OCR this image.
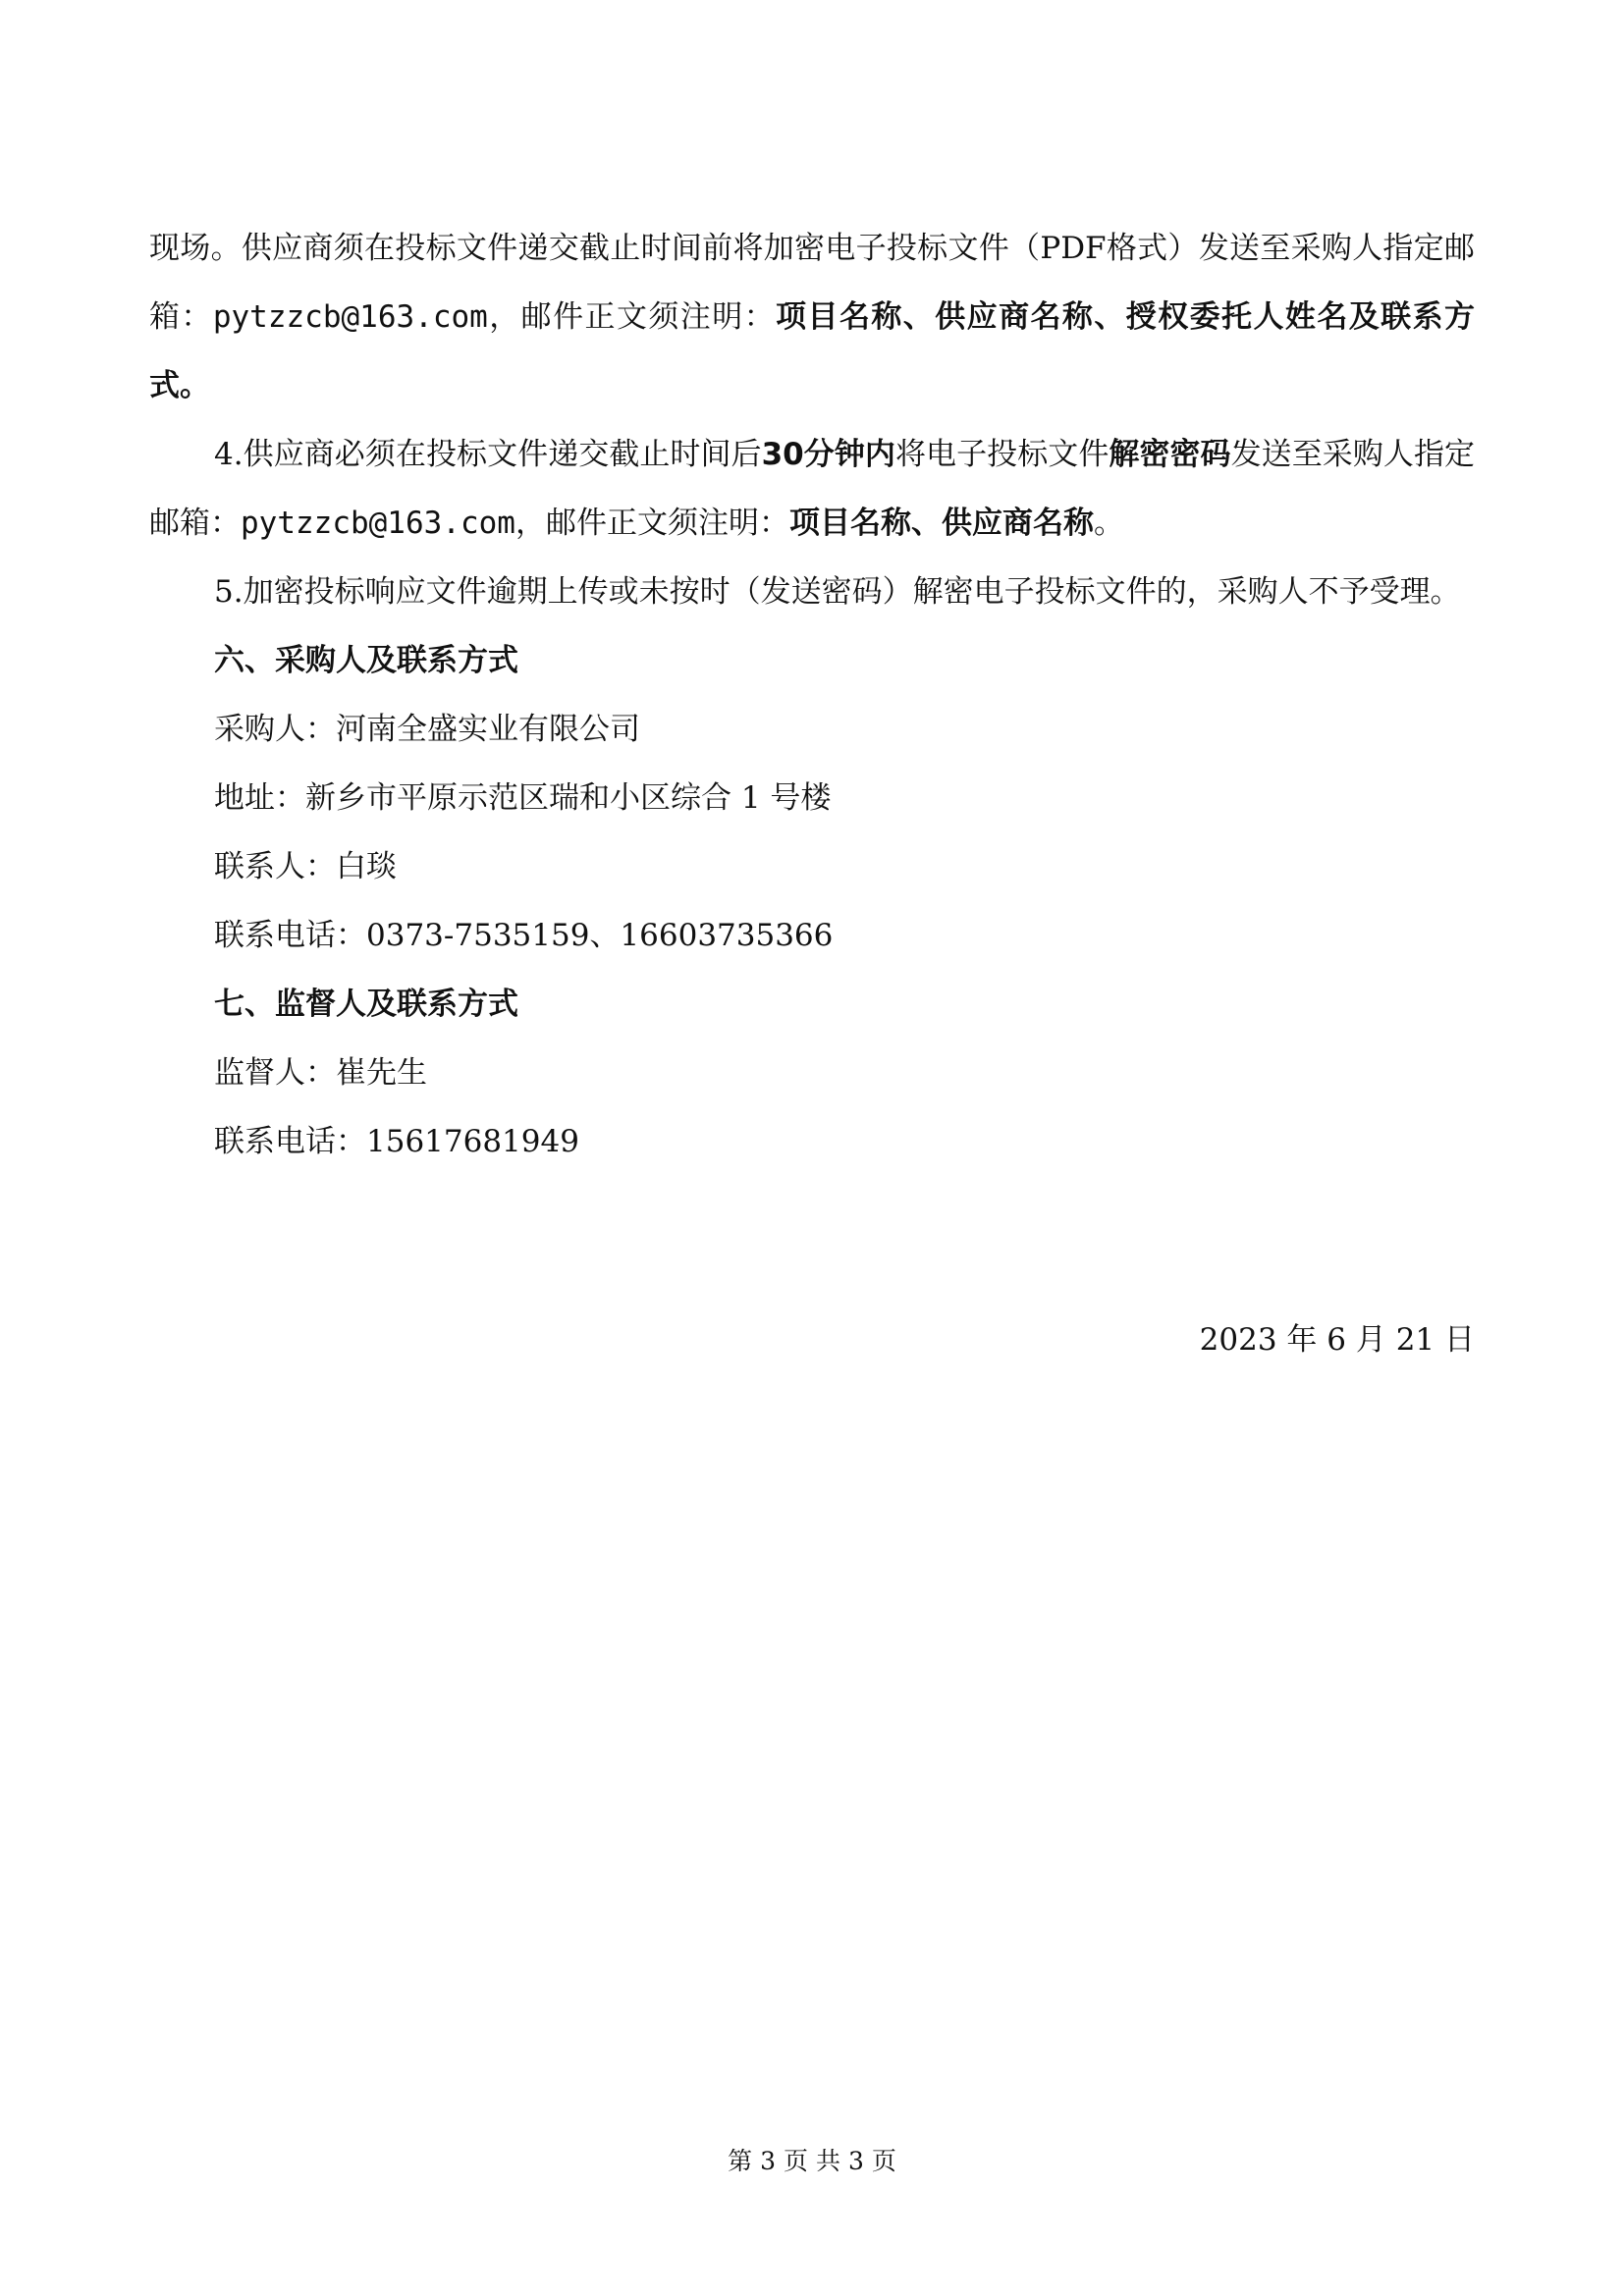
现场。供应商须在投标文件递交截止时间前将加密电子投标文件（PDF格式）发送至采购人指定邮箱：pytzzcb@163.com，邮件正文须注明：项目名称、供应商名称、授权委托人姓名及联系方式。

4.供应商必须在投标文件递交截止时间后30分钟内将电子投标文件解密密码发送至采购人指定邮箱：pytzzcb@163.com，邮件正文须注明：项目名称、供应商名称。

5.加密投标响应文件逾期上传或未按时（发送密码）解密电子投标文件的，采购人不予受理。

六、采购人及联系方式

采购人：河南全盛实业有限公司

地址：新乡市平原示范区瑞和小区综合 1 号楼

联系人：白琰

联系电话：0373-7535159、16603735366

七、监督人及联系方式

监督人：崔先生

联系电话：15617681949

2023 年 6 月 21 日
第 3 页 共 3 页
